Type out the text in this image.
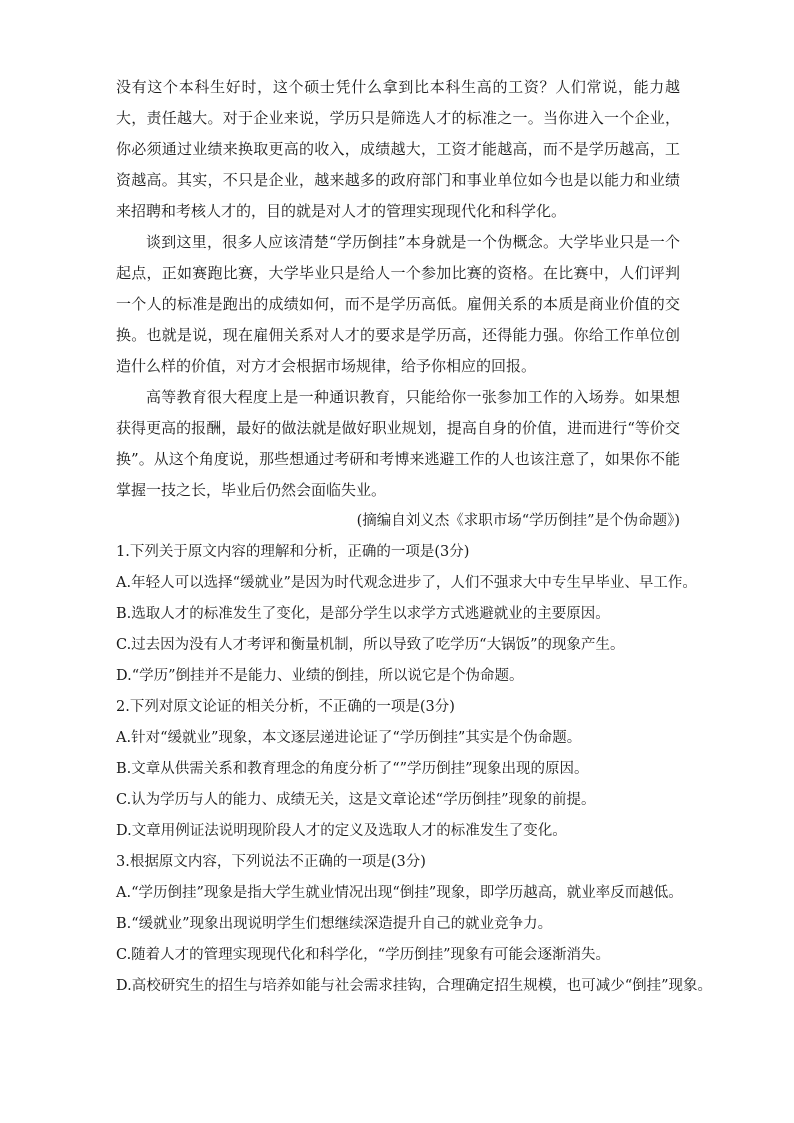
没有这个本科生好时，这个硕士凭什么拿到比本科生高的工资？人们常说，能力越大，责任越大。对于企业来说，学历只是筛选人才的标准之一。当你进入一个企业，你必须通过业绩来换取更高的收入，成绩越大，工资才能越高，而不是学历越高，工资越高。其实，不只是企业，越来越多的政府部门和事业单位如今也是以能力和业绩来招聘和考核人才的，目的就是对人才的管理实现现代化和科学化。

谈到这里，很多人应该清楚“学历倒挂”本身就是一个伪概念。大学毕业只是一个起点，正如赛跑比赛，大学毕业只是给人一个参加比赛的资格。在比赛中，人们评判一个人的标准是跑出的成绩如何，而不是学历高低。雇佣关系的本质是商业价值的交换。也就是说，现在雇佣关系对人才的要求是学历高，还得能力强。你给工作单位创造什么样的价值，对方才会根据市场规律，给予你相应的回报。

高等教育很大程度上是一种通识教育，只能给你一张参加工作的入场券。如果想获得更高的报酬，最好的做法就是做好职业规划，提高自身的价值，进而进行“等价交换”。从这个角度说，那些想通过考研和考博来逃避工作的人也该注意了，如果你不能掌握一技之长，毕业后仍然会面临失业。

(摘编自刘义杰《求职市场“学历倒挂”是个伪命题》)

1.下列关于原文内容的理解和分析，正确的一项是(3分)

A.年轻人可以选择“缓就业”是因为时代观念进步了，人们不强求大中专生早毕业、早工作。

B.选取人才的标准发生了变化，是部分学生以求学方式逃避就业的主要原因。

C.过去因为没有人才考评和衡量机制，所以导致了吃学历“大锅饭”的现象产生。

D.“学历”倒挂并不是能力、业绩的倒挂，所以说它是个伪命题。

2.下列对原文论证的相关分析，不正确的一项是(3分)

A.针对“缓就业”现象，本文逐层递进论证了“学历倒挂”其实是个伪命题。

B.文章从供需关系和教育理念的角度分析了“”学历倒挂”现象出现的原因。

C.认为学历与人的能力、成绩无关，这是文章论述“学历倒挂”现象的前提。

D.文章用例证法说明现阶段人才的定义及选取人才的标准发生了变化。

3.根据原文内容，下列说法不正确的一项是(3分)

A.“学历倒挂”现象是指大学生就业情况出现“倒挂”现象，即学历越高，就业率反而越低。

B.“缓就业”现象出现说明学生们想继续深造提升自己的就业竞争力。

C.随着人才的管理实现现代化和科学化，“学历倒挂”现象有可能会逐渐消失。

D.高校研究生的招生与培养如能与社会需求挂钩，合理确定招生规模，也可减少“倒挂”现象。
